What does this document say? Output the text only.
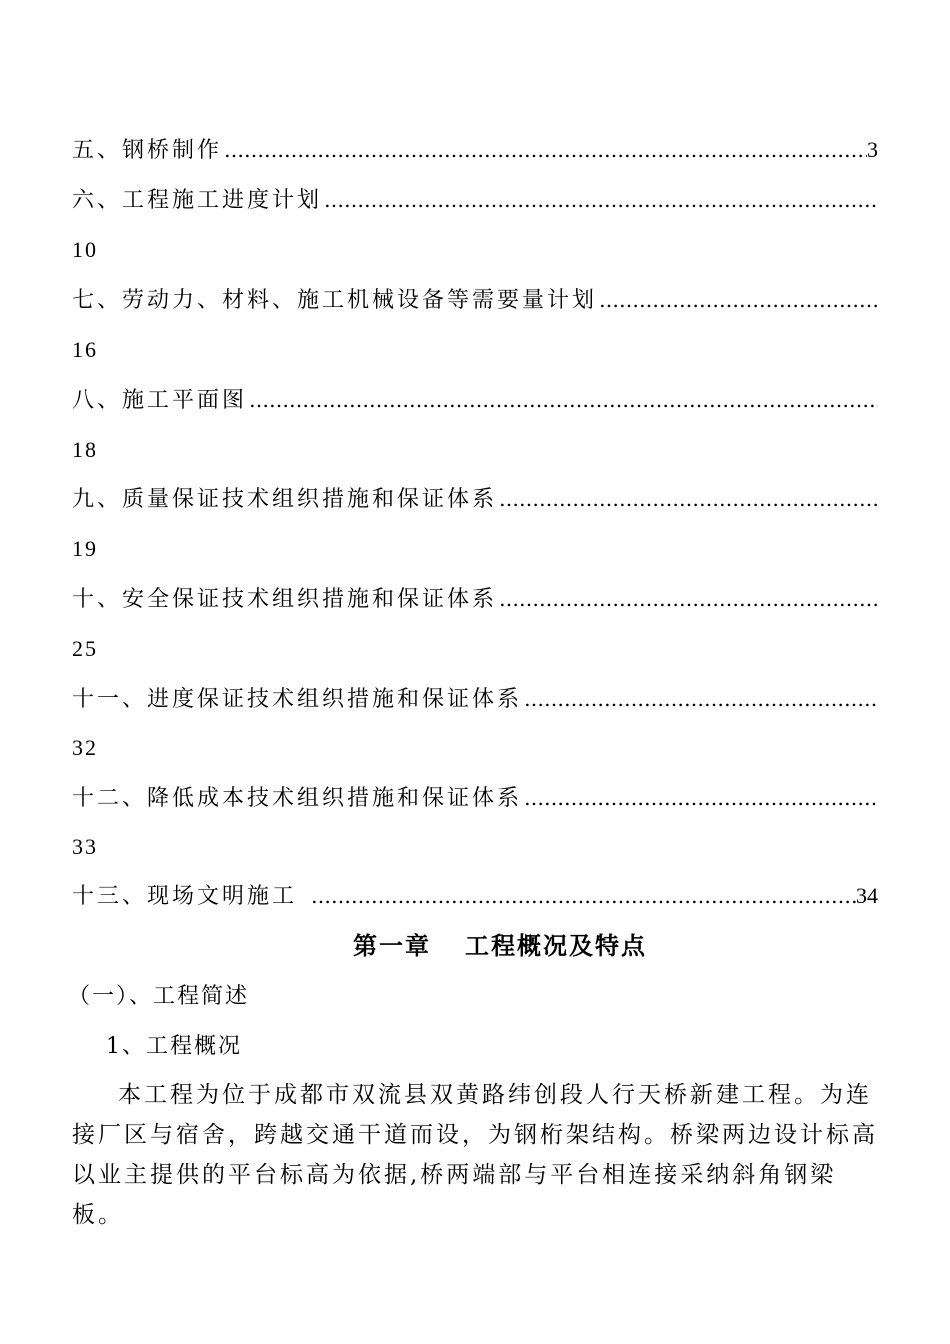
五、钢桥制作 ……………………………………………………………………………………………………………………………………………………………	3
六、工程施工进度计划
……………………………………………………………………………………………………………………………………………………………
10
七、劳动力、材料、施工机械设备等需要量计划
……………………………………………………………………………………………………………………………………………………………
16
八、施工平面图
……………………………………………………………………………………………………………………………………………………………
18
九、质量保证技术组织措施和保证体系
……………………………………………………………………………………………………………………………………………………………
19
十、安全保证技术组织措施和保证体系
……………………………………………………………………………………………………………………………………………………………
25
十一、进度保证技术组织措施和保证体系
……………………………………………………………………………………………………………………………………………………………
32
十二、降低成本技术组织措施和保证体系
……………………………………………………………………………………………………………………………………………………………
33
十三、现场文明施工 ……………………………………………………………………………………………………………………………………………………………	34
第一章 工程概况及特点
（一）、工程简述
1、工程概况

本工程为位于成都市双流县双黄路纬创段人行天桥新建工程。为连

接厂区与宿舍，跨越交通干道而设，为钢桁架结构。桥梁两边设计标高

以业主提供的平台标高为依据,桥两端部与平台相连接采纳斜角钢梁板。
